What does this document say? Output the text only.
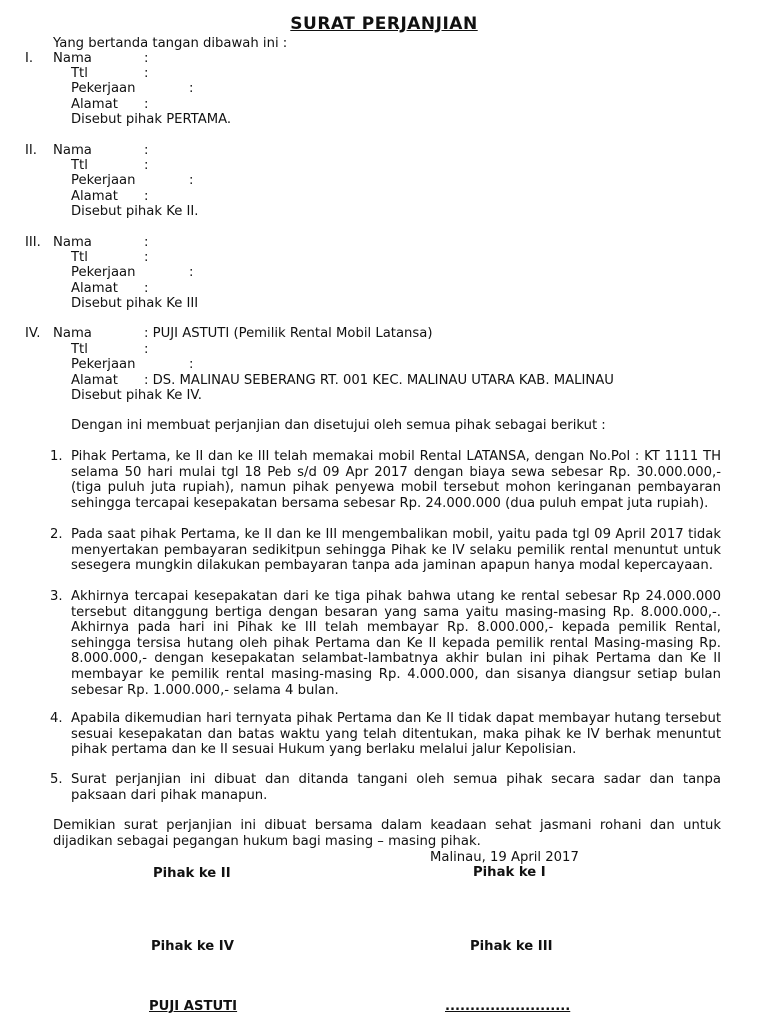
SURAT PERJANJIAN
Yang bertanda tangan dibawah ini :
I. Nama	:
Ttl	:
Pekerjaan	:
Alamat :
Disebut pihak PERTAMA.
II. Nama	:
Ttl	:
Pekerjaan	:
Alamat :
Disebut pihak Ke II.
III. Nama	:
Ttl	:
Pekerjaan	:
Alamat :
Disebut pihak Ke III
IV. Nama	: PUJI ASTUTI (Pemilik Rental Mobil Latansa)
Ttl	:
Pekerjaan	:
Alamat : DS. MALINAU SEBERANG RT. 001 KEC. MALINAU UTARA KAB. MALINAU
Disebut pihak Ke IV.
Dengan ini membuat perjanjian dan disetujui oleh semua pihak sebagai berikut :
1. Pihak Pertama, ke II dan ke III telah memakai mobil Rental LATANSA, dengan No.Pol : KT 1111 TH selama 50 hari mulai tgl 18 Peb s/d 09 Apr 2017 dengan biaya sewa sebesar Rp. 30.000.000,-(tiga puluh juta rupiah), namun pihak penyewa mobil tersebut mohon keringanan pembayaran sehingga tercapai kesepakatan bersama sebesar Rp. 24.000.000 (dua puluh empat juta rupiah).
2. Pada saat pihak Pertama, ke II dan ke III mengembalikan mobil, yaitu pada tgl 09 April 2017 tidak menyertakan pembayaran sedikitpun sehingga Pihak ke IV selaku pemilik rental menuntut untuk sesegera mungkin dilakukan pembayaran tanpa ada jaminan apapun hanya modal kepercayaan.
3. Akhirnya tercapai kesepakatan dari ke tiga pihak bahwa utang ke rental sebesar Rp 24.000.000 tersebut ditanggung bertiga dengan besaran yang sama yaitu masing-masing Rp. 8.000.000,-. Akhirnya pada hari ini Pihak ke III telah membayar Rp. 8.000.000,- kepada pemilik Rental, sehingga tersisa hutang oleh pihak Pertama dan Ke II kepada pemilik rental Masing-masing Rp. 8.000.000,- dengan kesepakatan selambat-lambatnya akhir bulan ini pihak Pertama dan Ke II membayar ke pemilik rental masing-masing Rp. 4.000.000, dan sisanya diangsur setiap bulan sebesar Rp. 1.000.000,- selama 4 bulan.
4. Apabila dikemudian hari ternyata pihak Pertama dan Ke II tidak dapat membayar hutang tersebut sesuai kesepakatan dan batas waktu yang telah ditentukan, maka pihak ke IV berhak menuntut pihak pertama dan ke II sesuai Hukum yang berlaku melalui jalur Kepolisian.
5. Surat perjanjian ini dibuat dan ditanda tangani oleh semua pihak secara sadar dan tanpa paksaan dari pihak manapun.
Demikian surat perjanjian ini dibuat bersama dalam keadaan sehat jasmani rohani dan untuk dijadikan sebagai pegangan hukum bagi masing – masing pihak.
Malinau, 19 April 2017
Pihak ke II	Pihak ke I
Pihak ke IV	Pihak ke III
PUJI ASTUTI	.........................
